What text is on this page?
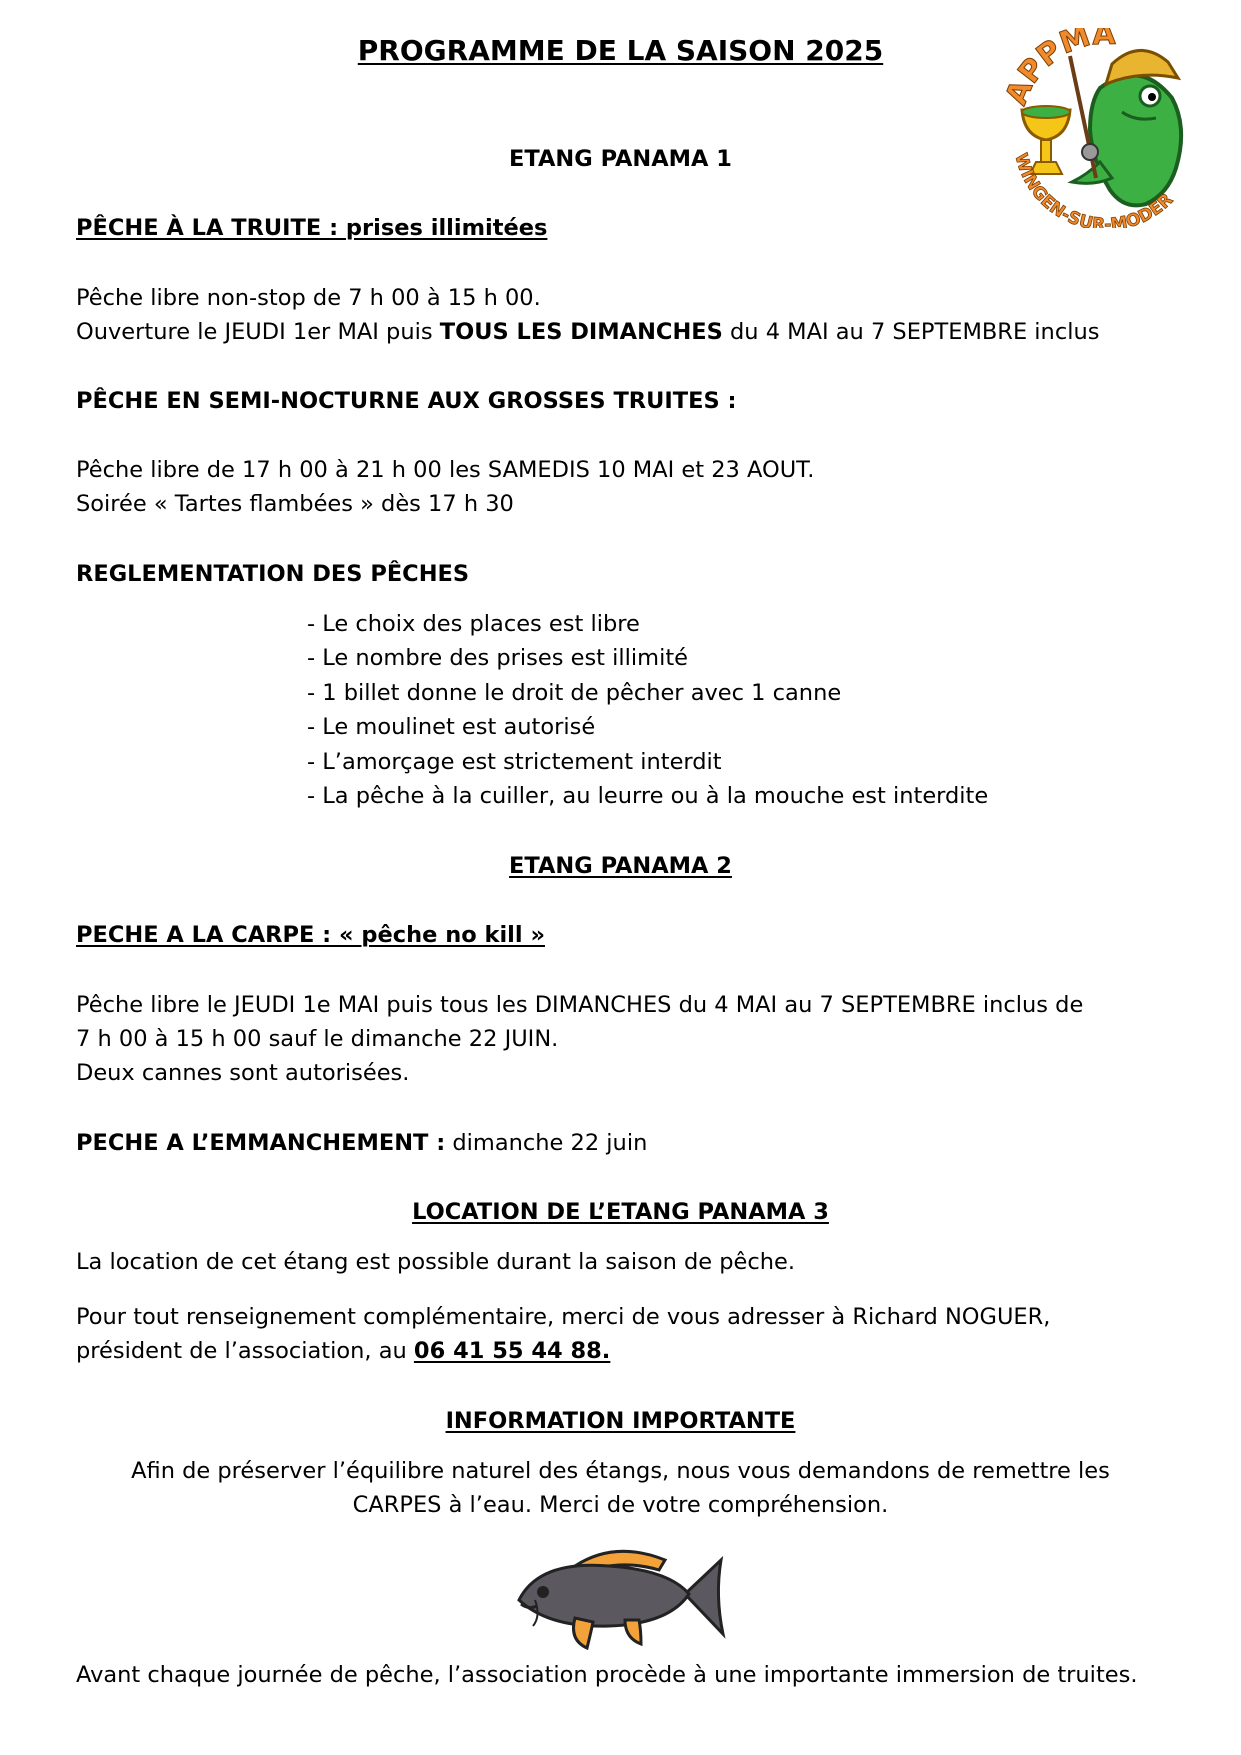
PROGRAMME DE LA SAISON 2025
APPMA
WINGEN-SUR-MODER
ETANG PANAMA 1
PÊCHE À LA TRUITE : prises illimitées
Pêche libre non-stop de 7 h 00 à 15 h 00.
Ouverture le JEUDI 1er MAI puis TOUS LES DIMANCHES du 4 MAI au 7 SEPTEMBRE inclus
PÊCHE EN SEMI-NOCTURNE AUX GROSSES TRUITES :
Pêche libre de 17 h 00 à 21 h 00 les SAMEDIS 10 MAI et 23 AOUT.
Soirée « Tartes flambées » dès 17 h 30
REGLEMENTATION DES PÊCHES
- Le choix des places est libre
- Le nombre des prises est illimité
- 1 billet donne le droit de pêcher avec 1 canne
- Le moulinet est autorisé
- L’amorçage est strictement interdit
- La pêche à la cuiller, au leurre ou à la mouche est interdite
ETANG PANAMA 2
PECHE A LA CARPE : « pêche no kill »
Pêche libre le JEUDI 1e MAI puis tous les DIMANCHES du 4 MAI au 7 SEPTEMBRE inclus de
7 h 00 à 15 h 00 sauf le dimanche 22 JUIN.
Deux cannes sont autorisées.
PECHE A L’EMMANCHEMENT : dimanche 22 juin
LOCATION DE L’ETANG PANAMA 3
La location de cet étang est possible durant la saison de pêche.
Pour tout renseignement complémentaire, merci de vous adresser à Richard NOGUER,
président de l’association, au 06 41 55 44 88.
INFORMATION IMPORTANTE
Afin de préserver l’équilibre naturel des étangs, nous vous demandons de remettre les
CARPES à l’eau. Merci de votre compréhension.
Avant chaque journée de pêche, l’association procède à une importante immersion de truites.
